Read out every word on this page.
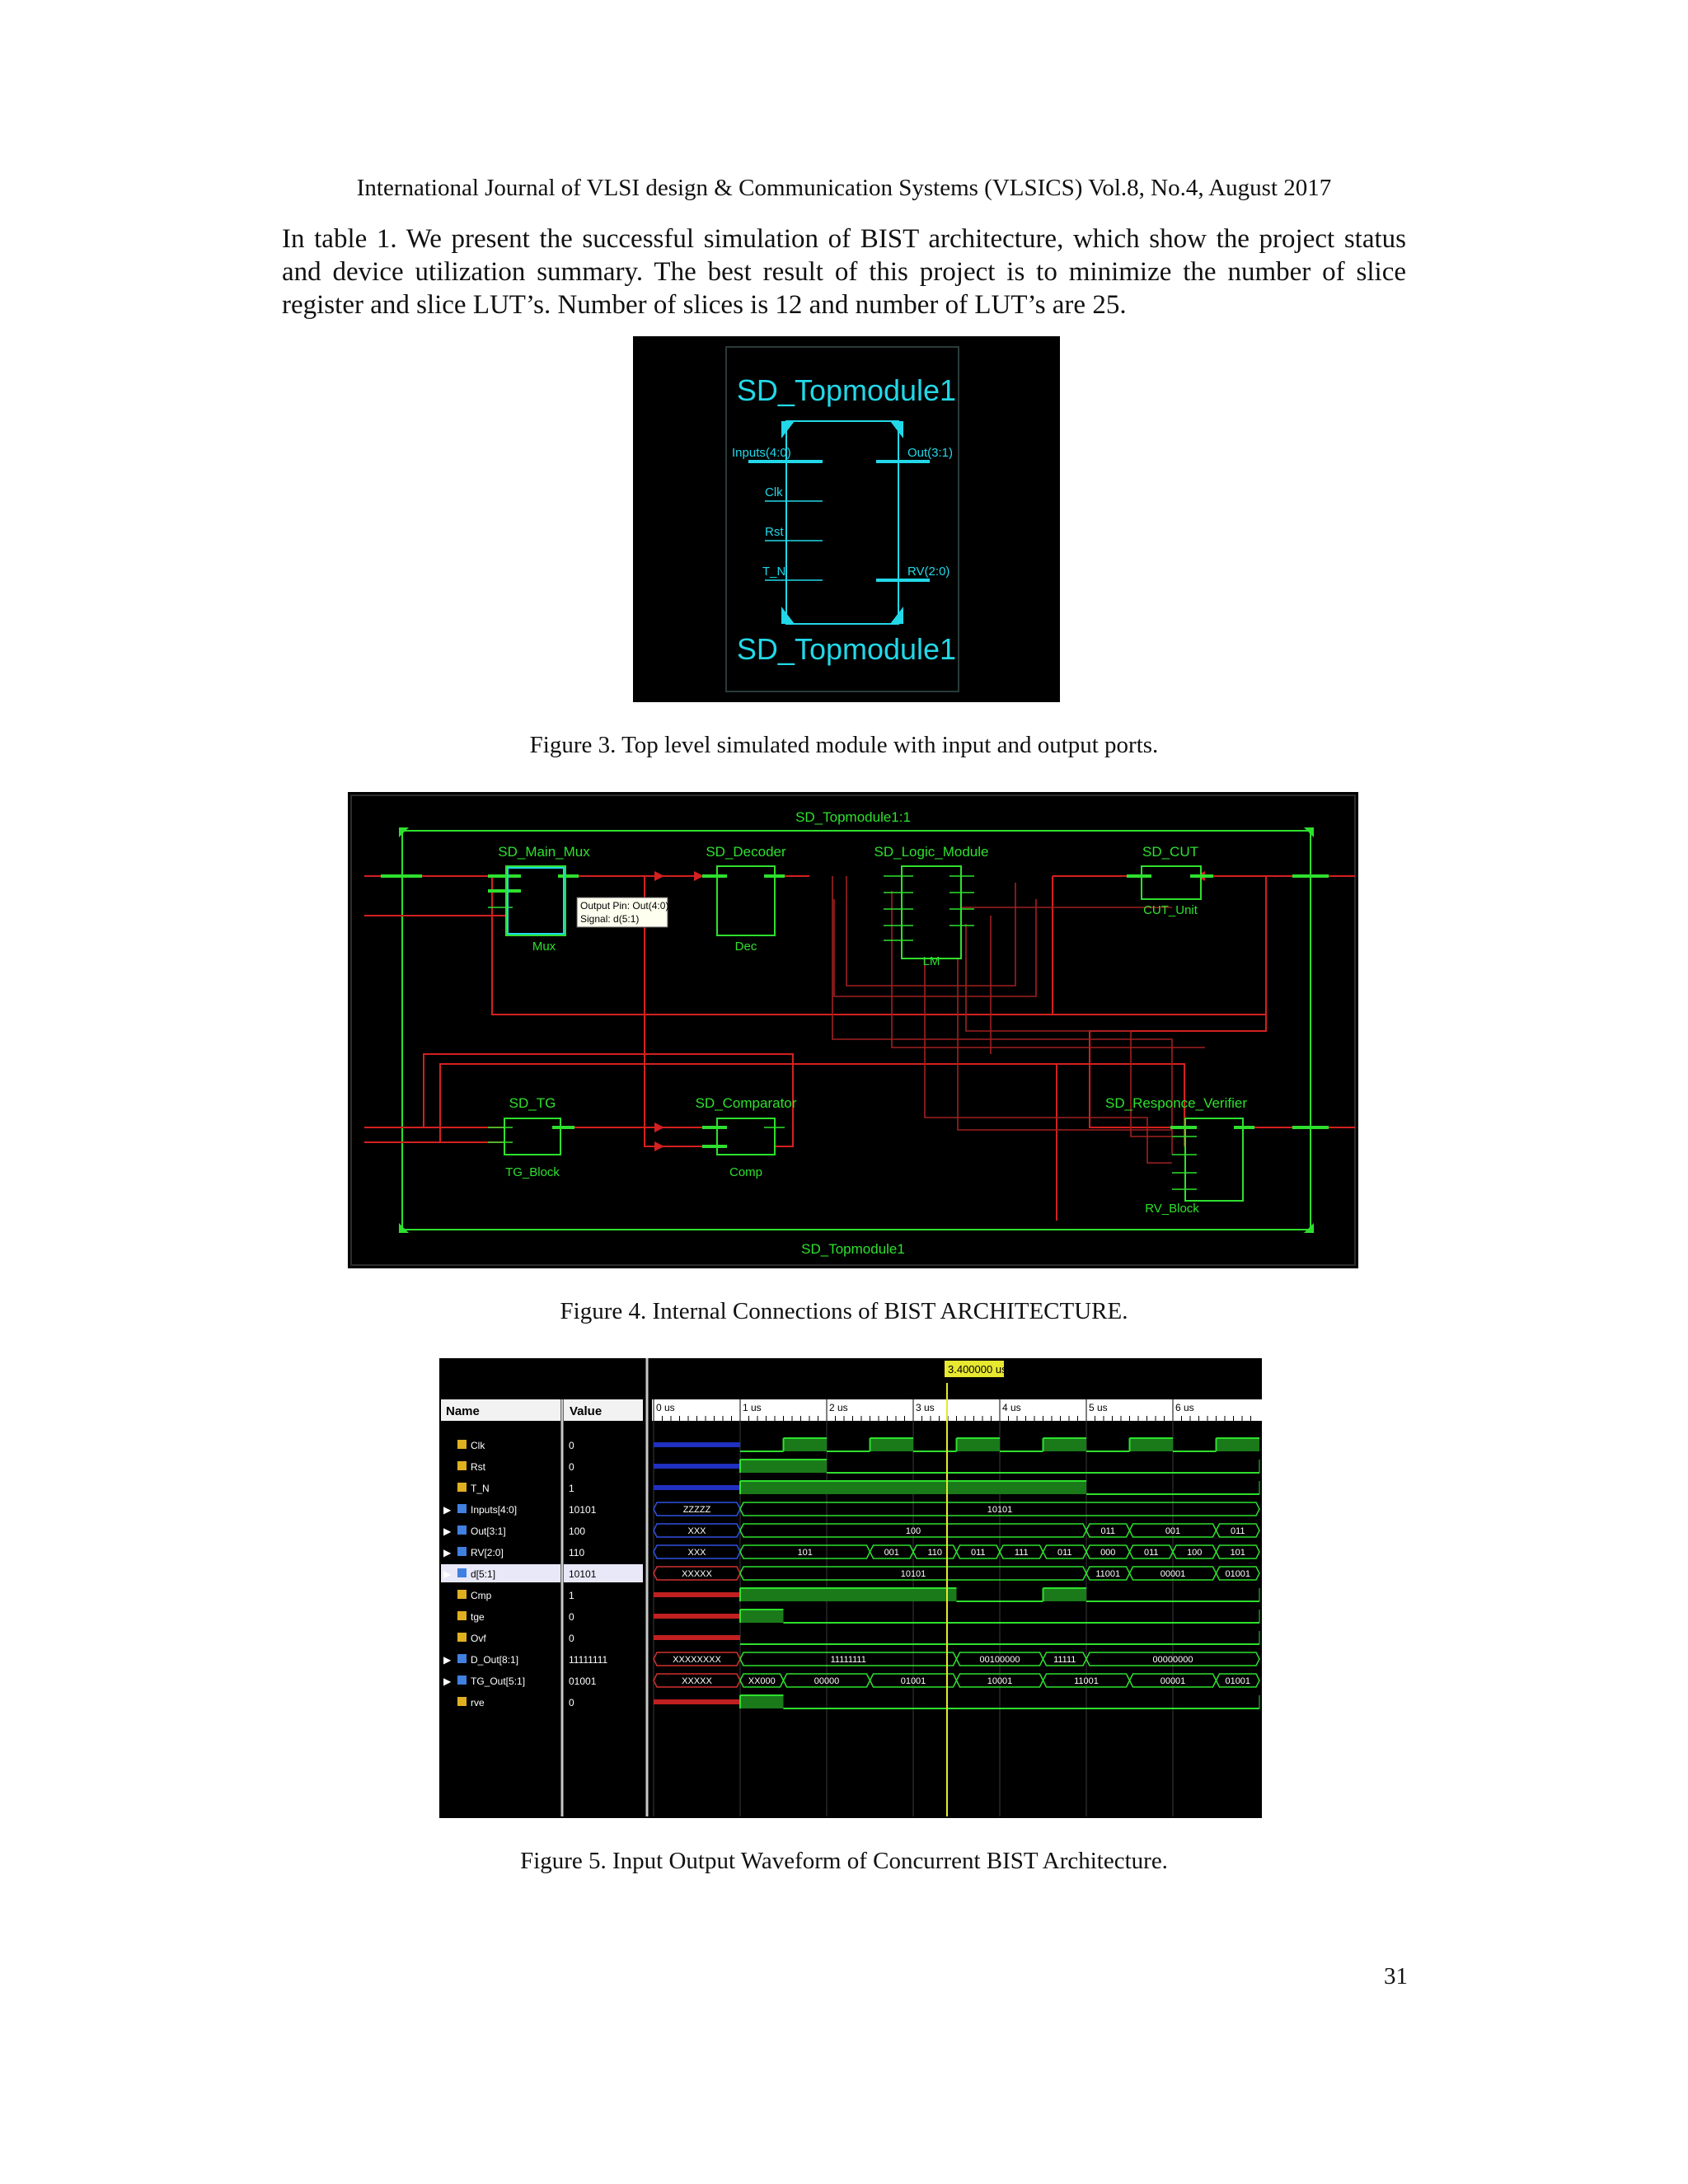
International Journal of VLSI design & Communication Systems (VLSICS) Vol.8, No.4, August 2017
In table 1. We present the successful simulation of BIST architecture, which show the project status and device utilization summary. The best result of this project is to minimize the number of slice register and slice LUT’s. Number of slices is 12 and number of LUT’s are 25.
SD_Topmodule1
Inputs(4:0)
Clk
Rst
T_N
Out(3:1)
RV(2:0)
SD_Topmodule1
Figure 3. Top level simulated module with input and output ports.
SD_Topmodule1:1
SD_Topmodule1
SD_Main_Mux
Mux
SD_Decoder
Dec
SD_Logic_Module
LM
SD_CUT
CUT_Unit
SD_TG
TG_Block
SD_Comparator
Comp
SD_Responce_Verifier
RV_Block
Output Pin: Out(4:0) =>
Signal: d(5:1)
Figure 4. Internal Connections of BIST ARCHITECTURE.
Name	Value	0 us	1 us	2 us	3 us	4 us	5 us	6 us
Clk	0
Rst	0
T_N	1
▶ Inputs[4:0]	10101	ZZZZZ	10101
▶ Out[3:1]	100	XXX	100	011	001	011
▶ RV[2:0]	110	XXX	101	001	110	011	111	011	000	011	100	101
▶ d[5:1]	10101	XXXXX	10101	11001	00001	01001
Cmp	1
tge	0
Ovf	0
▶ D_Out[8:1]	11111111	XXXXXXXX	11111111	00100000	11111	00000000
▶ TG_Out[5:1]	01001	XXXXX	XX000	00000	01001	10001	11001	00001	01001
rve	0
3.400000 us
Figure 5. Input Output Waveform of Concurrent BIST Architecture.
31
